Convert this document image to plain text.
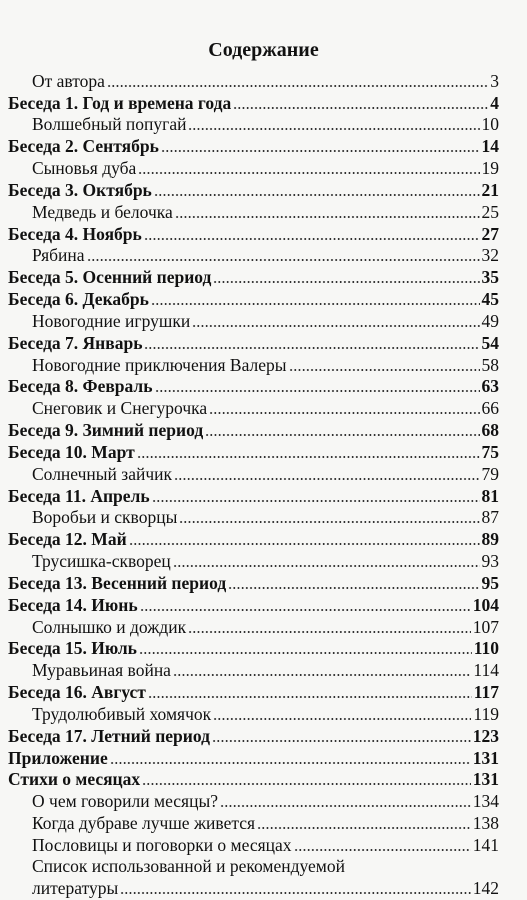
Содержание
От автора	3
Беседа 1. Год и времена года	4
Волшебный попугай	10
Беседа 2. Сентябрь	14
Сыновья дуба	19
Беседа 3. Октябрь	21
Медведь и белочка	25
Беседа 4. Ноябрь	27
Рябина	32
Беседа 5. Осенний период	35
Беседа 6. Декабрь	45
Новогодние игрушки	49
Беседа 7. Январь	54
Новогодние приключения Валеры	58
Беседа 8. Февраль	63
Снеговик и Снегурочка	66
Беседа 9. Зимний период	68
Беседа 10. Март	75
Солнечный зайчик	79
Беседа 11. Апрель	81
Воробьи и скворцы	87
Беседа 12. Май	89
Трусишка-скворец	93
Беседа 13. Весенний период	95
Беседа 14. Июнь	104
Солнышко и дождик	107
Беседа 15. Июль	110
Муравьиная война	114
Беседа 16. Август	117
Трудолюбивый хомячок	119
Беседа 17. Летний период	123
Приложение	131
Стихи о месяцах	131
О чем говорили месяцы?	134
Когда дубраве лучше живется	138
Пословицы и поговорки о месяцах	141
Список использованной и рекомендуемой
литературы	142
